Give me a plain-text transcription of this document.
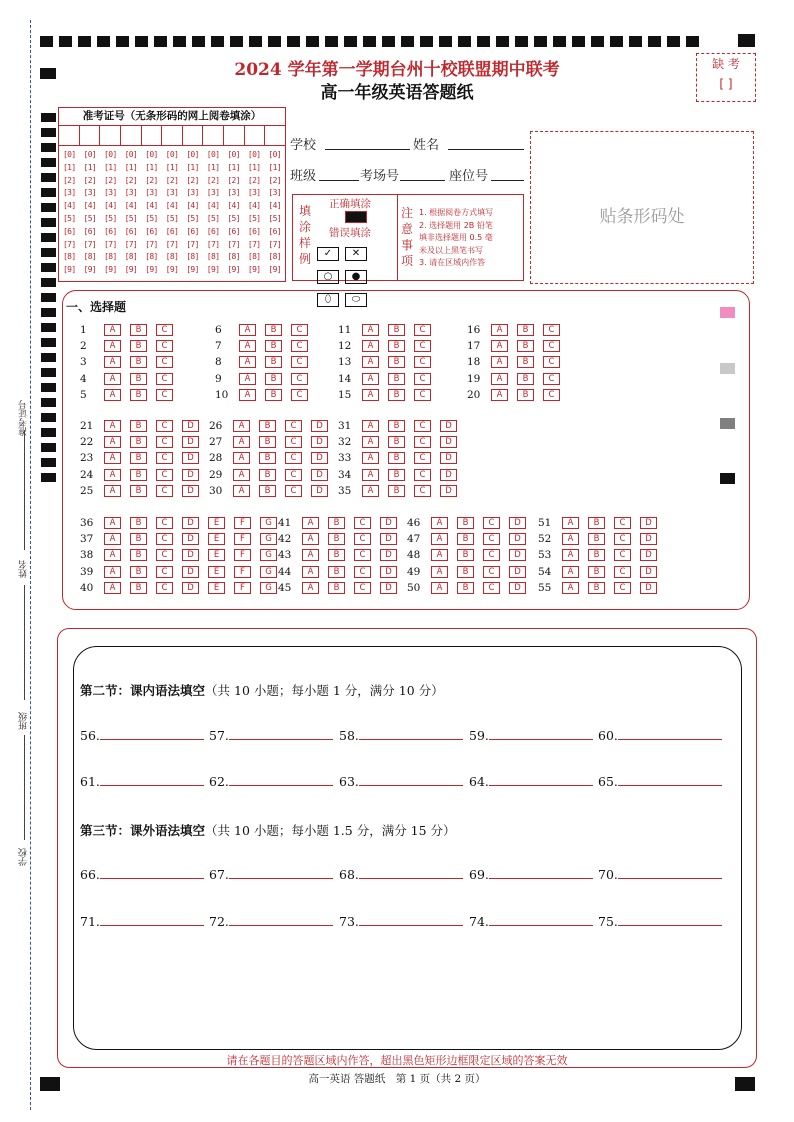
准考证号
姓名
班级
学校
2024 学年第一学期台州十校联盟期中联考
高一年级英语答题纸
缺 考
[ ]
准考证号（无条形码的网上阅卷填涂）
[0] [0] [0] [0] [0] [0] [0] [0] [0] [0] [0]
[1] [1] [1] [1] [1] [1] [1] [1] [1] [1] [1]
[2] [2] [2] [2] [2] [2] [2] [2] [2] [2] [2]
[3] [3] [3] [3] [3] [3] [3] [3] [3] [3] [3]
[4] [4] [4] [4] [4] [4] [4] [4] [4] [4] [4]
[5] [5] [5] [5] [5] [5] [5] [5] [5] [5] [5]
[6] [6] [6] [6] [6] [6] [6] [6] [6] [6] [6]
[7] [7] [7] [7] [7] [7] [7] [7] [7] [7] [7]
[8] [8] [8] [8] [8] [8] [8] [8] [8] [8] [8]
[9] [9] [9] [9] [9] [9] [9] [9] [9] [9] [9]
学校	姓名
班级	考场号	座位号
贴条形码处
填
涂
样
例
正确填涂
错误填涂
✓ ✕○ ●⬯ ⬭
注
意
事
项
1. 根据阅卷方式填写
2. 选择题用 2B 铅笔
填非选择题用 0.5 毫
米及以上黑笔书写
3. 请在区域内作答
一、选择题
1	A	B	C
2	A	B	C
3	A	B	C
4	A	B	C
5	A	B	C
6	A	B	C
7	A	B	C
8	A	B	C
9	A	B	C
10	A	B	C
11	A	B	C
12	A	B	C
13	A	B	C
14	A	B	C
15	A	B	C
16	A	B	C
17	A	B	C
18	A	B	C
19	A	B	C
20	A	B	C
21	A	B	C	D
22	A	B	C	D
23	A	B	C	D
24	A	B	C	D
25	A	B	C	D
26	A	B	C	D
27	A	B	C	D
28	A	B	C	D
29	A	B	C	D
30	A	B	C	D
31	A	B	C	D
32	A	B	C	D
33	A	B	C	D
34	A	B	C	D
35	A	B	C	D
36	A	B	C	D	E	F	G
37	A	B	C	D	E	F	G
38	A	B	C	D	E	F	G
39	A	B	C	D	E	F	G
40	A	B	C	D	E	F	G
41	A	B	C	D
42	A	B	C	D
43	A	B	C	D
44	A	B	C	D
45	A	B	C	D
46	A	B	C	D
47	A	B	C	D
48	A	B	C	D
49	A	B	C	D
50	A	B	C	D
51	A	B	C	D
52	A	B	C	D
53	A	B	C	D
54	A	B	C	D
55	A	B	C	D
第二节：课内语法填空（共 10 小题；每小题 1 分，满分 10 分）
56.	57.	58.	59.	60.
61.	62.	63.	64.	65.
第三节：课外语法填空（共 10 小题；每小题 1.5 分，满分 15 分）
66.	67.	68.	69.	70.
71.	72.	73.	74.	75.
请在各题目的答题区域内作答，超出黑色矩形边框限定区域的答案无效
高一英语 答题纸　第 1 页（共 2 页）
